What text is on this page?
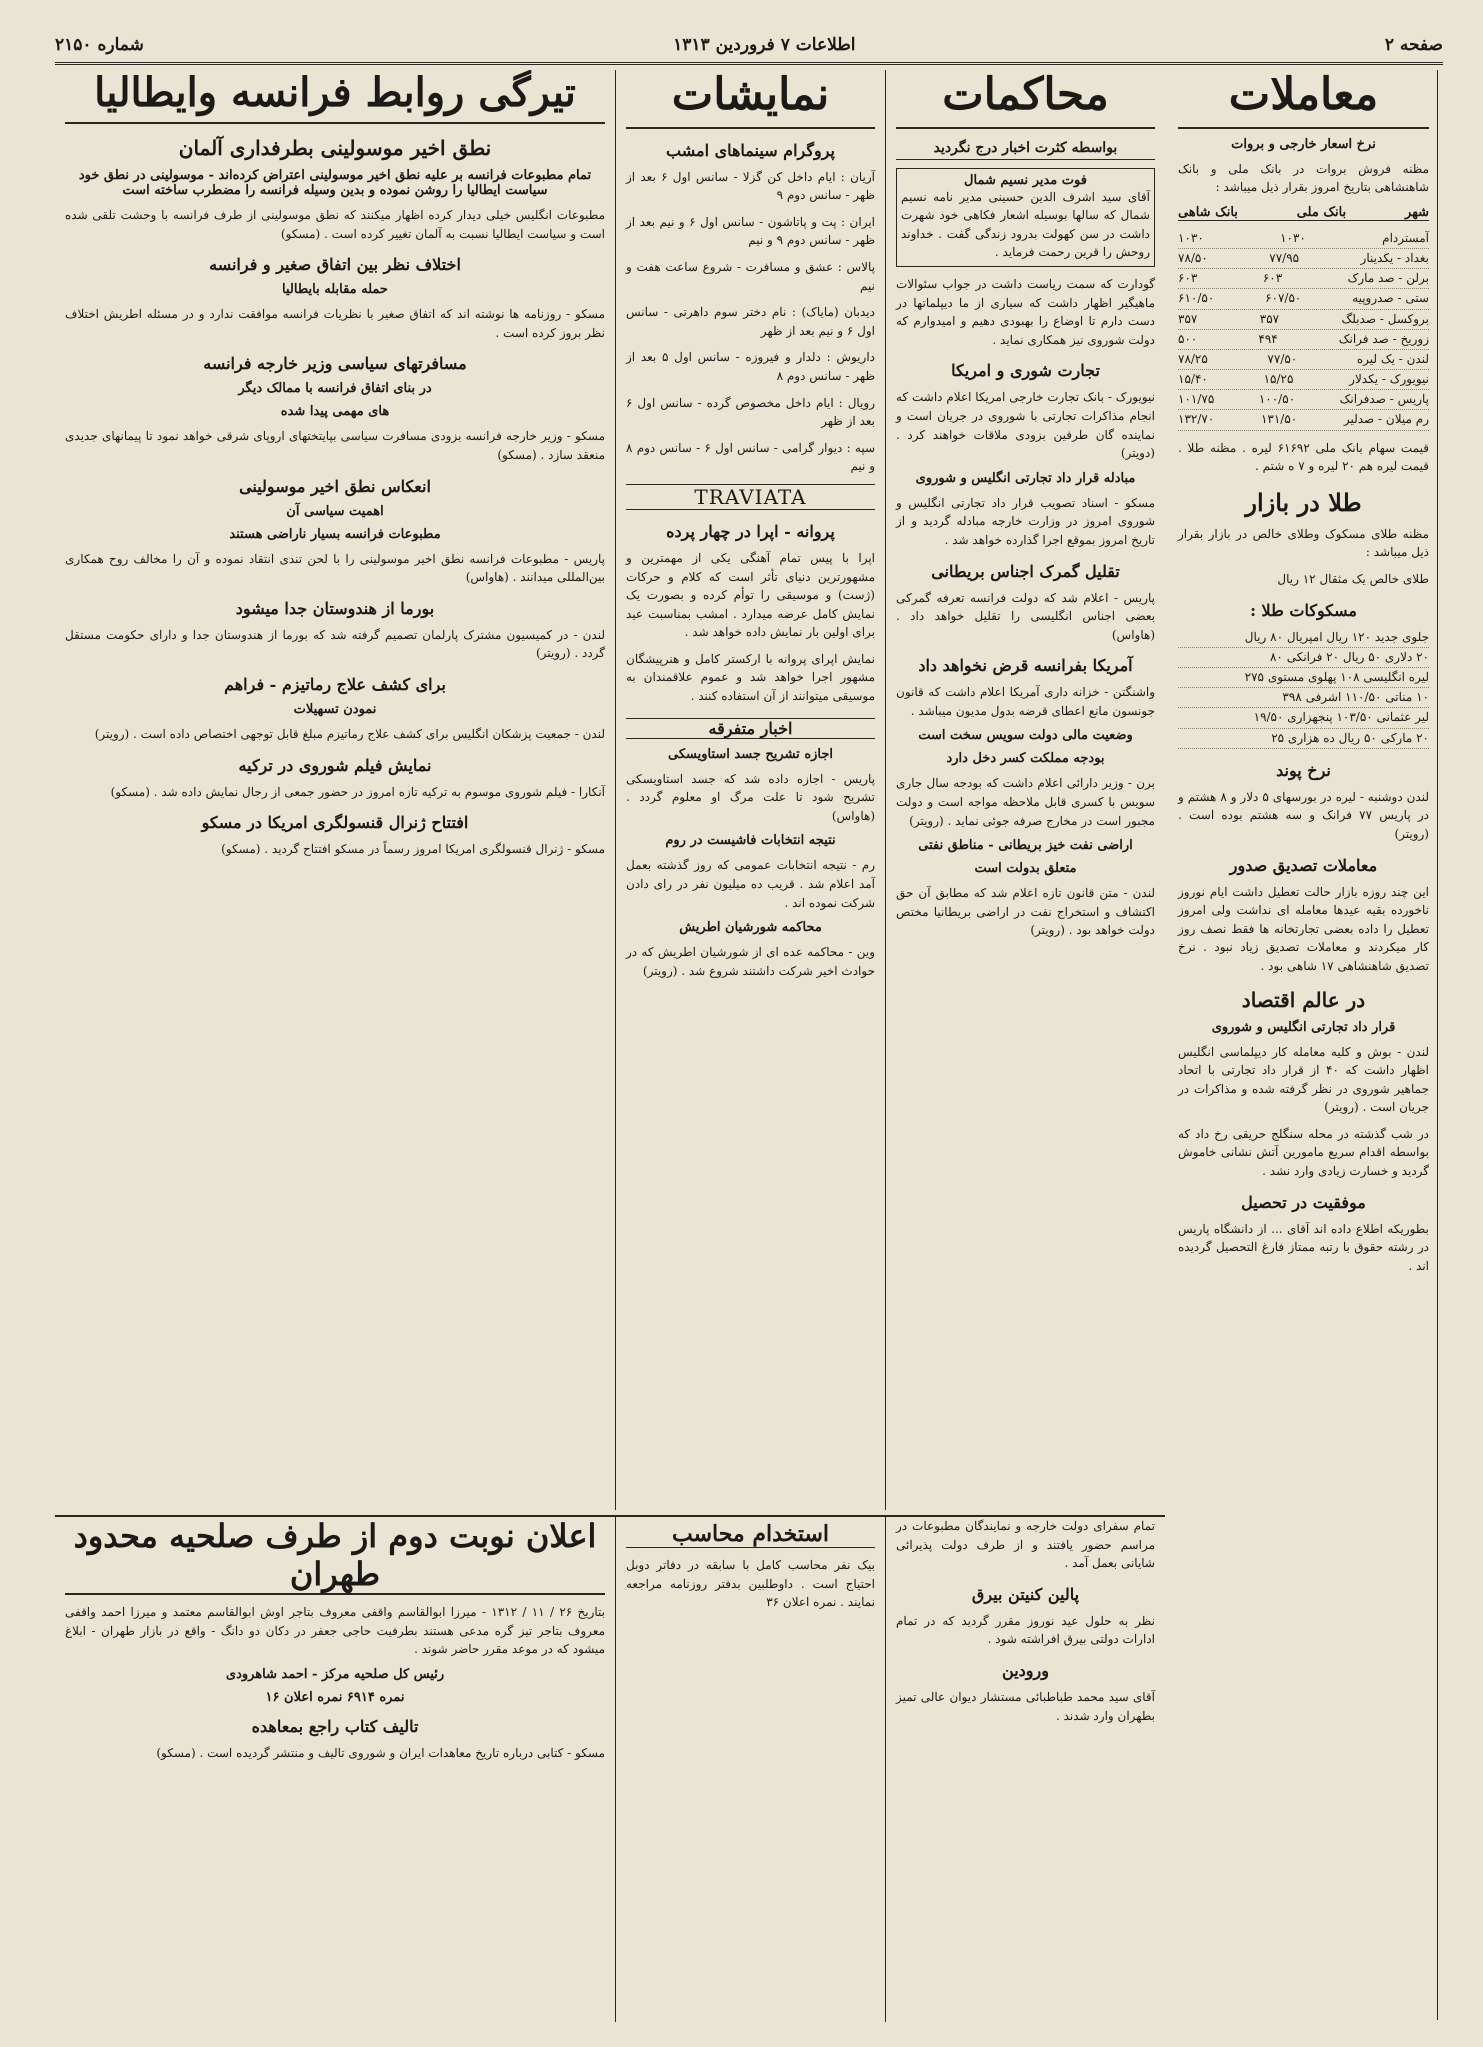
صفحه ۲
اطلاعات ۷ فروردین ۱۳۱۳
شماره ۲۱۵۰
معاملات
نرخ اسعار خارجی و بروات
مظنه فروش بروات در بانک ملی و بانک شاهنشاهی بتاریخ امروز بقرار ذیل میباشد :
شهر
بانک ملی
بانک شاهی
آمستردام
۱۰۳۰
۱۰۳۰
بغداد - یکدینار
۷۷/۹۵
۷۸/۵۰
برلن - صد مارک
۶۰۳
۶۰۳
ستی - صدروپیه
۶۰۷/۵۰
۶۱۰/۵۰
بروکسل - صدبلگ
۳۵۷
۳۵۷
زوریخ - صد فرانک
۴۹۴
۵۰۰
لندن - یک لیره
۷۷/۵۰
۷۸/۲۵
نیویورک - یکدلار
۱۵/۲۵
۱۵/۴۰
پاریس - صدفرانک
۱۰۰/۵۰
۱۰۱/۷۵
رم میلان - صدلیر
۱۳۱/۵۰
۱۳۲/۷۰
قیمت سهام بانک ملی ۶۱۶۹۲ لیره . مظنه طلا . قیمت لیره هم ۲۰ لیره و ۷ ه شتم .
طلا در بازار
مظنه طلای مسکوک وطلای خالص در بازار بقرار ذیل میباشد :
طلای خالص یک مثقال ۱۲ ریال
مسکوکات طلا :
جلوی جدید ۱۲۰ ریال امپریال ۸۰ ریال
۲۰ دلاری ۵۰ ریال ۲۰ فرانکی ۸۰
لیره انگلیسی ۱۰۸ پهلوی مستوی ۲۷۵
۱۰ مناتی ۱۱۰/۵۰ اشرفی ۳۹۸
لیر عثمانی ۱۰۳/۵۰ پنجهزاری ۱۹/۵۰
۲۰ مارکی ۵۰ ریال ده هزاری ۲۵
نرخ پوند
لندن دوشنبه - لیره در بورسهای ۵ دلار و ۸ هشتم و در پاریس ۷۷ فرانک و سه هشتم بوده است . (رویتر)
معاملات تصدیق صدور
این چند روزه بازار حالت تعطیل داشت ایام نوروز ناخورده بقیه عیدها معامله ای نداشت ولی امروز تعطیل را داده بعضی تجارتخانه ها فقط نصف روز کار میکردند و معاملات تصدیق زیاد نبود . نرخ تصدیق شاهنشاهی ۱۷ شاهی بود .
در عالم اقتصاد
قرار داد تجارتی انگلیس و شوروی
لندن - بوش و کلیه معامله کار دیپلماسی انگلیس اظهار داشت که ۴۰ از قرار داد تجارتی با اتحاد جماهیر شوروی در نظر گرفته شده و مذاکرات در جریان است . (رویتر)
در شب گذشته در محله سنگلج حریقی رخ داد که بواسطه اقدام سریع مامورین آتش نشانی خاموش گردید و خسارت زیادی وارد نشد .
موفقیت در تحصیل
بطوریکه اطلاع داده اند آقای ... از دانشگاه پاریس در رشته حقوق با رتبه ممتاز فارغ التحصیل گردیده اند .
محاکمات
بواسطه کثرت اخبار درج نگردید
فوت مدیر نسیم شمال
آقای سید اشرف الدین حسینی مدیر نامه نسیم شمال که سالها بوسیله اشعار فکاهی خود شهرت داشت در سن کهولت بدرود زندگی گفت . خداوند روحش را قرین رحمت فرماید .
گودارت که سمت ریاست داشت در جواب سئوالات ماهیگیر اظهار داشت که سیاری از ما دیپلماتها در دست دارم تا اوضاع را بهبودی دهیم و امیدوارم که دولت شوروی نیز همکاری نماید .
تجارت شوری و امریکا
نیویورک - بانک تجارت خارجی امریکا اعلام داشت که انجام مذاکرات تجارتی با شوروی در جریان است و نماینده گان طرفین بزودی ملاقات خواهند کرد . (دویتر)
مبادله قرار داد تجارتی انگلیس و شوروی
مسکو - اسناد تصویب قرار داد تجارتی انگلیس و شوروی امروز در وزارت خارجه مبادله گردید و از تاریخ امروز بموقع اجرا گذارده خواهد شد .
تقلیل گمرک اجناس بریطانی
پاریس - اعلام شد که دولت فرانسه تعرفه گمرکی بعضی اجناس انگلیسی را تقلیل خواهد داد . (هاواس)
آمریکا بفرانسه قرض نخواهد داد
واشنگتن - خزانه داری آمریکا اعلام داشت که قانون جونسون مانع اعطای قرضه بدول مدیون میباشد .
وضعیت مالی دولت سویس سخت است
بودجه مملکت کسر دخل دارد
برن - وزیر دارائی اعلام داشت که بودجه سال جاری سویس با کسری قابل ملاحظه مواجه است و دولت مجبور است در مخارج صرفه جوئی نماید . (رویتر)
اراضی نفت خیز بریطانی - مناطق نفتی
متعلق بدولت است
لندن - متن قانون تازه اعلام شد که مطابق آن حق اکتشاف و استخراج نفت در اراضی بریطانیا مختص دولت خواهد بود . (رویتر)
نمایشات
پروگرام سینماهای امشب
آریان : ایام داخل کن گزلا - سانس اول ۶ بعد از ظهر - سانس دوم ۹
ایران : پت و پاتاشون - سانس اول ۶ و نیم بعد از ظهر - سانس دوم ۹ و نیم
پالاس : عشق و مسافرت - شروع ساعت هفت و نیم
دیدبان (مایاک) : نام دختر سوم داهرتی - سانس اول ۶ و نیم بعد از ظهر
داریوش : دلدار و فیروزه - سانس اول ۵ بعد از ظهر - سانس دوم ۸
رویال : ایام داخل مخصوص گرده - سانس اول ۶ بعد از ظهر
سپه : دیوار گرامی - سانس اول ۶ - سانس دوم ۸ و نیم
TRAVIATA
پروانه - اپرا در چهار پرده
اپرا با پیس تمام آهنگی یکی از مهمترین و مشهورترین دنیای تأثر است که کلام و حرکات (ژست) و موسیقی را توأم کرده و بصورت یک نمایش کامل عرضه میدارد . امشب بمناسبت عید برای اولین بار نمایش داده خواهد شد .
نمایش اپرای پروانه با ارکستر کامل و هنرپیشگان مشهور اجرا خواهد شد و عموم علاقمندان به موسیقی میتوانند از آن استفاده کنند .
اخبار متفرقه
اجازه تشریح جسد استاویسکی
پاریس - اجازه داده شد که جسد استاویسکی تشریح شود تا علت مرگ او معلوم گردد . (هاواس)
نتیجه انتخابات فاشیست در روم
رم - نتیجه انتخابات عمومی که روز گذشته بعمل آمد اعلام شد . قریب ده میلیون نفر در رای دادن شرکت نموده اند .
محاکمه شورشیان اطریش
وین - محاکمه عده ای از شورشیان اطریش که در حوادث اخیر شرکت داشتند شروع شد . (رویتر)
تیرگی روابط فرانسه وایطالیا
نطق اخیر موسولینی بطرفداری آلمان
تمام مطبوعات فرانسه بر علیه نطق اخیر موسولینی اعتراض کرده‌اند - موسولینی در نطق خود سیاست ایطالیا را روشن نموده و بدین وسیله فرانسه را مضطرب ساخته است
مطبوعات انگلیس خیلی دیدار کرده اظهار میکنند که نطق موسولینی از طرف فرانسه با وحشت تلقی شده است و سیاست ایطالیا نسبت به آلمان تغییر کرده است . (مسکو)
اختلاف نظر بین اتفاق صغیر و فرانسه
حمله مقابله بایطالیا
مسکو - روزنامه ها نوشته اند که اتفاق صغیر با نظریات فرانسه موافقت ندارد و در مسئله اطریش اختلاف نظر بروز کرده است .
مسافرتهای سیاسی وزیر خارجه فرانسه
در بنای اتفاق فرانسه با ممالک دیگر
های مهمی پیدا شده
مسکو - وزیر خارجه فرانسه بزودی مسافرت سیاسی بپایتختهای اروپای شرقی خواهد نمود تا پیمانهای جدیدی منعقد سازد . (مسکو)
انعکاس نطق اخیر موسولینی
اهمیت سیاسی آن
مطبوعات فرانسه بسیار ناراضی هستند
پاریس - مطبوعات فرانسه نطق اخیر موسولینی را با لحن تندی انتقاد نموده و آن را مخالف روح همکاری بین‌المللی میدانند . (هاواس)
بورما از هندوستان جدا میشود
لندن - در کمیسیون مشترک پارلمان تصمیم گرفته شد که بورما از هندوستان جدا و دارای حکومت مستقل گردد . (رویتر)
برای کشف علاج رماتیزم - فراهم
نمودن تسهیلات
لندن - جمعیت پزشکان انگلیس برای کشف علاج رماتیزم مبلغ قابل توجهی اختصاص داده است . (رویتر)
نمایش فیلم شوروی در ترکیه
آنکارا - فیلم شوروی موسوم به ترکیه تازه امروز در حضور جمعی از رجال نمایش داده شد . (مسکو)
افتتاح ژنرال قنسولگری امریکا در مسکو
مسکو - ژنرال قنسولگری امریکا امروز رسماً در مسکو افتتاح گردید . (مسکو)
تمام سفرای دولت خارجه و نمایندگان مطبوعات در مراسم حضور یافتند و از طرف دولت پذیرائی شایانی بعمل آمد .
پالین کنیتن بیرق
نظر به حلول عید نوروز مقرر گردید که در تمام ادارات دولتی بیرق افراشته شود .
ورودین
آقای سید محمد طباطبائی مستشار دیوان عالی تمیز بطهران وارد شدند .
استخدام محاسب
بیک نفر محاسب کامل با سابقه در دفاتر دوبل احتیاج است . داوطلبین بدفتر روزنامه مراجعه نمایند . نمره اعلان ۳۶
اعلان نوبت دوم از طرف صلحیه محدود طهران
بتاریخ ۲۶ / ۱۱ / ۱۳۱۲ - میرزا ابوالقاسم واقفی معروف بتاجر اوش ابوالقاسم معتمد و میرزا احمد واقفی معروف بتاجر تیز گره مدعی هستند بطرفیت حاجی جعفر در دکان دو دانگ - واقع در بازار طهران - ابلاغ میشود که در موعد مقرر حاضر شوند .
رئیس کل صلحیه مرکز - احمد شاهرودی
نمره ۶۹۱۴ نمره اعلان ۱۶
تالیف کتاب راجع بمعاهده
مسکو - کتابی درباره تاریخ معاهدات ایران و شوروی تالیف و منتشر گردیده است . (مسکو)
